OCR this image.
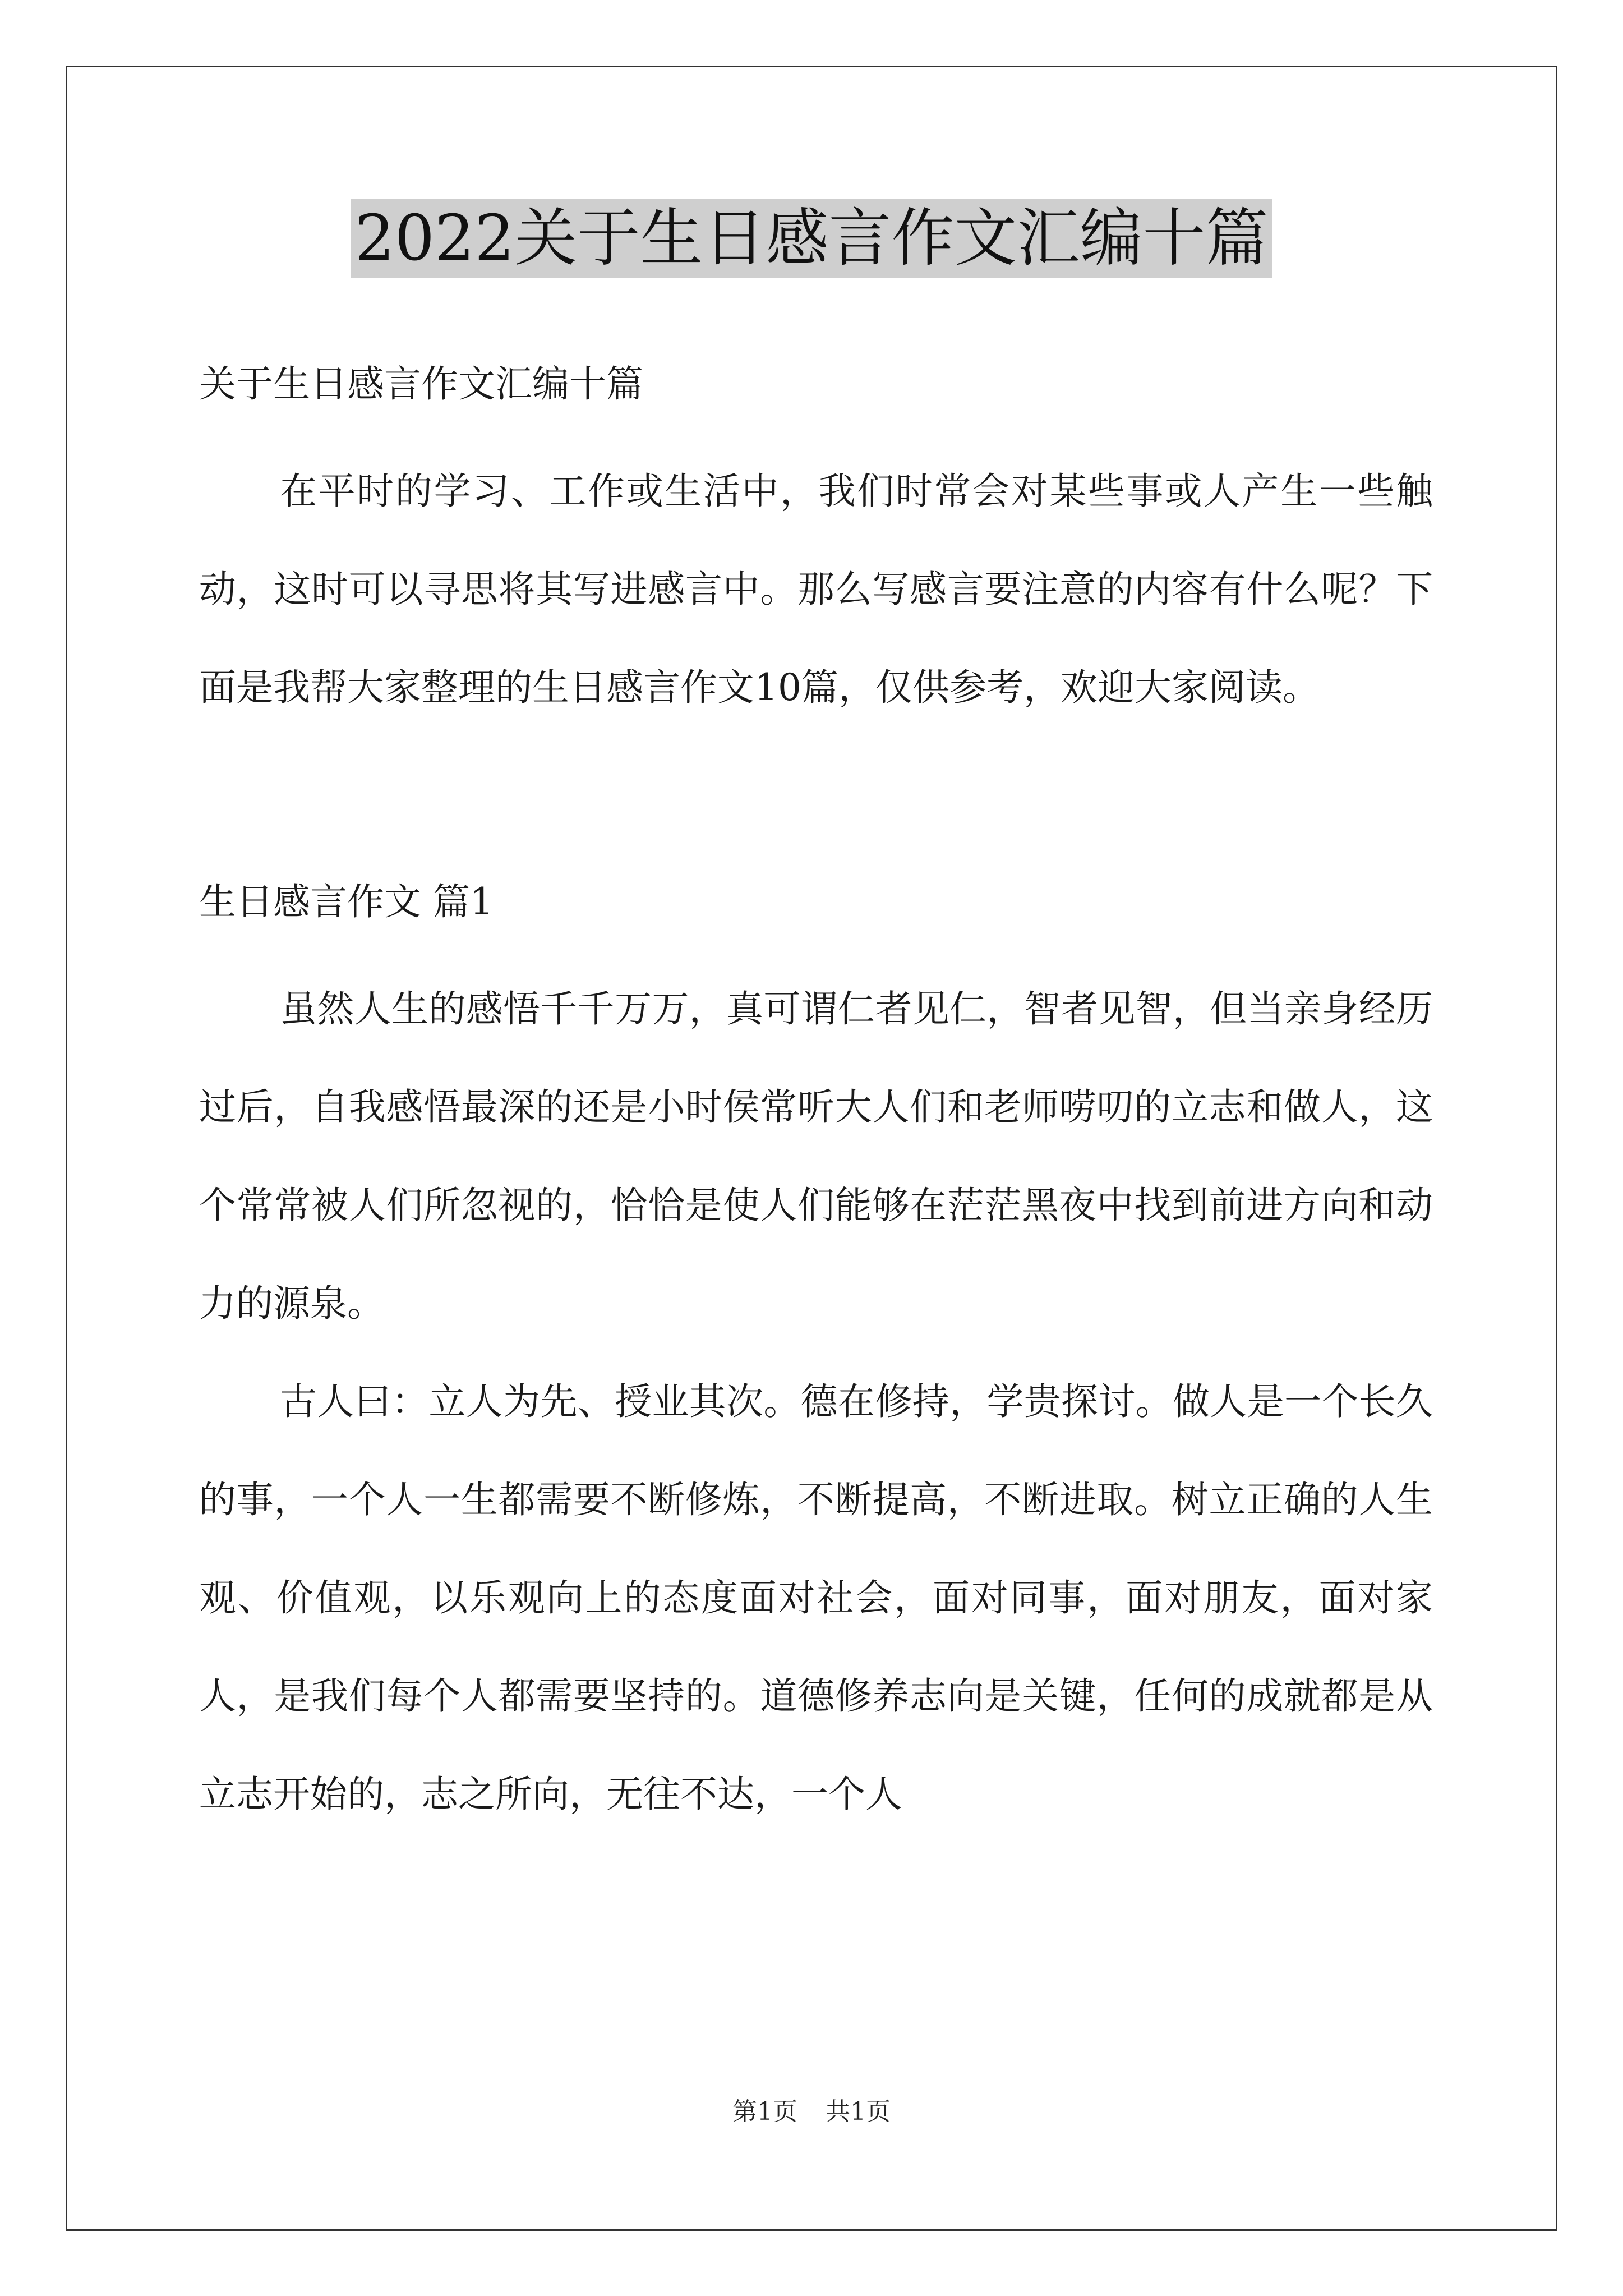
2022关于生日感言作文汇编十篇

关于生日感言作文汇编十篇

在平时的学习、工作或生活中，我们时常会对某些事或人产生一些触动，这时可以寻思将其写进感言中。那么写感言要注意的内容有什么呢？下面是我帮大家整理的生日感言作文10篇，仅供参考，欢迎大家阅读。

生日感言作文 篇1

虽然人生的感悟千千万万，真可谓仁者见仁，智者见智，但当亲身经历过后，自我感悟最深的还是小时侯常听大人们和老师唠叨的立志和做人，这个常常被人们所忽视的，恰恰是使人们能够在茫茫黑夜中找到前进方向和动力的源泉。

古人曰：立人为先、授业其次。德在修持，学贵探讨。做人是一个长久的事，一个人一生都需要不断修炼，不断提高，不断进取。树立正确的人生观、价值观，以乐观向上的态度面对社会，面对同事，面对朋友，面对家人，是我们每个人都需要坚持的。道德修养志向是关键，任何的成就都是从立志开始的，志之所向，无往不达，一个人

第1页 共1页
